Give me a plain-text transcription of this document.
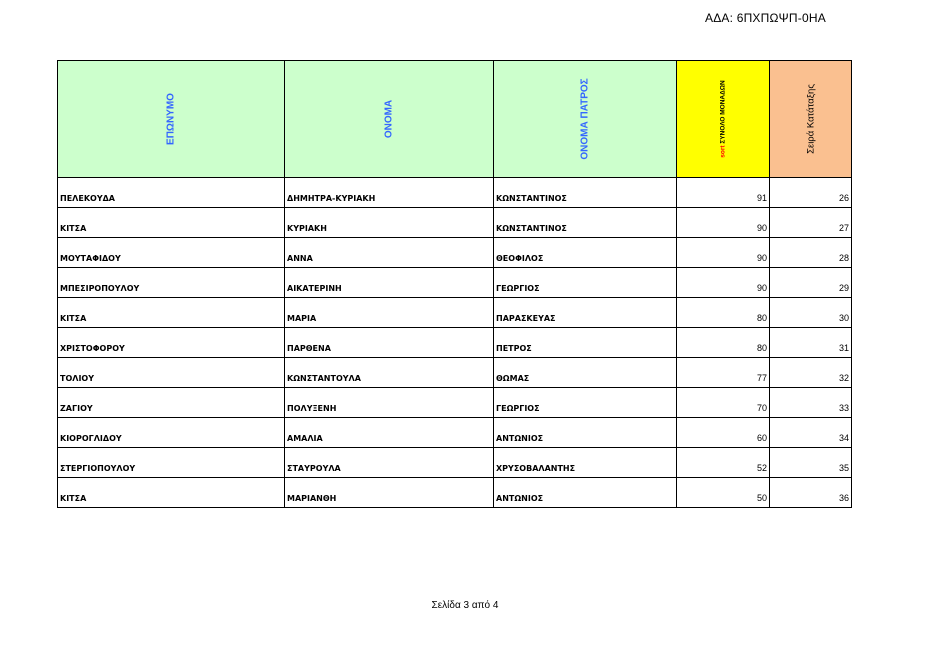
ΑΔΑ: 6ΠΧΠΩΨΠ-0ΗΑ
ΕΠΩΝΥΜΟ	ΟΝΟΜΑ	ΟΝΟΜΑ ΠΑΤΡΟΣ	sort ΣΥΝΟΛΟ ΜΟΝΑΔΩΝ	Σειρά Κατάταξης

ΠΕΛΕΚΟΥΔΑ	ΔΗΜΗΤΡΑ-ΚΥΡΙΑΚΗ	ΚΩΝΣΤΑΝΤΙΝΟΣ	91	26

ΚΙΤΣΑ	ΚΥΡΙΑΚΗ	ΚΩΝΣΤΑΝΤΙΝΟΣ	90	27

ΜΟΥΤΑΦΙΔΟΥ	ΑΝΝΑ	ΘΕΟΦΙΛΟΣ	90	28

ΜΠΕΣΙΡΟΠΟΥΛΟΥ	ΑΙΚΑΤΕΡΙΝΗ	ΓΕΩΡΓΙΟΣ	90	29

ΚΙΤΣΑ	ΜΑΡΙΑ	ΠΑΡΑΣΚΕΥΑΣ	80	30

ΧΡΙΣΤΟΦΟΡΟΥ	ΠΑΡΘΕΝΑ	ΠΕΤΡΟΣ	80	31

ΤΟΛΙΟΥ	ΚΩΝΣΤΑΝΤΟΥΛΑ	ΘΩΜΑΣ	77	32

ΖΑΓΙΟΥ	ΠΟΛΥΞΕΝΗ	ΓΕΩΡΓΙΟΣ	70	33

ΚΙΟΡΟΓΛΙΔΟΥ	ΑΜΑΛΙΑ	ΑΝΤΩΝΙΟΣ	60	34

ΣΤΕΡΓΙΟΠΟΥΛΟΥ	ΣΤΑΥΡΟΥΛΑ	ΧΡΥΣΟΒΑΛΑΝΤΗΣ	52	35

ΚΙΤΣΑ	ΜΑΡΙΑΝΘΗ	ΑΝΤΩΝΙΟΣ	50	36
Σελίδα 3 από 4
